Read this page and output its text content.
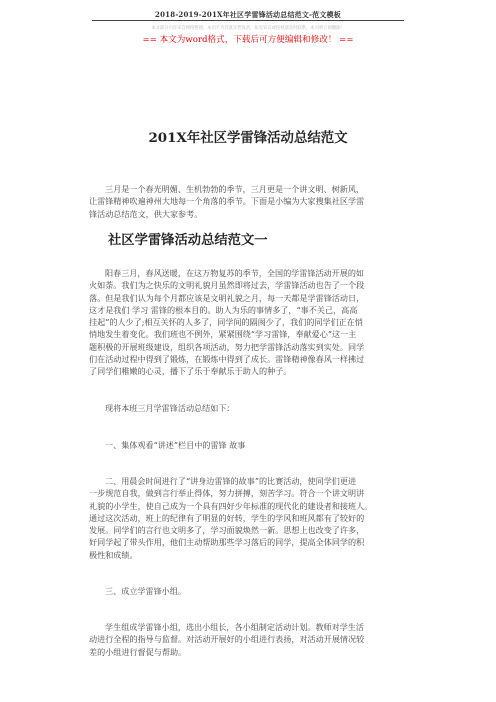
2018-2019-201X年社区学雷锋活动总结范文-范文模板
本文部分内容来自网络整理，本司不为其真实性负责，如有异议或侵权请及时联系，本司将立即删除！
== 本文为word格式，下载后可方便编辑和修改！ ==
201X年社区学雷锋活动总结范文
三月是一个春光明媚、生机勃勃的季节，三月更是一个讲文明、树新风，
让雷锋精神吹遍神州大地每一个角落的季节。下面是小编为大家搜集社区学雷
锋活动总结范文，供大家参考。
社区学雷锋活动总结范文一
阳春三月，春风送暖，在这万物复苏的季节，全国的学雷锋活动开展的如
火如荼。我们为之快乐的文明礼貌月虽然即将过去，学雷锋活动也告了一个段
落。但是我们认为每个月都应该是文明礼貌之月，每一天都是学雷锋活动日，
这才是我们 学习 雷锋的根本目的。助人为乐的事情多了，“事不关己，高高
挂起”的人少了;相互关怀的人多了，同学间的隔阂少了，我们的同学们正在悄
悄地发生着变化。我们班也不例外，紧紧围绕“学习雷锋，奉献爱心”这一主
题积极的开展班级建设，组织各项活动，努力把学雷锋活动落实到实处。同学
们在活动过程中得到了锻炼，在锻炼中得到了成长。雷锋精神像春风一样拂过
了同学们稚嫩的心灵，播下了乐于奉献乐于助人的种子。
现将本班三月学雷锋活动总结如下：
一、集体观看“讲述”栏目中的雷锋 故事
二、用晨会时间进行了“讲身边雷锋的故事”的比赛活动，使同学们更进
一步规范自我，做到言行举止得体，努力拼搏，刻苦学习。符合一个讲文明讲
礼貌的小学生，使自己成为一个具有四好少年标准的现代化的建设者和接班人。
通过这次活动，班上的纪律有了明显的好转，学生的学风和班风都有了较好的
发展。同学们的言行也文明多了，学习面貌焕然一新。思想上也改变了许多，
好同学起了带头作用，他们主动帮助那些学习落后的同学，提高全体同学的积
极性和成绩。
三、成立学雷锋小组。
学生组成学雷锋小组，选出小组长，各小组制定活动计划。教师对学生活
动进行全程的指导与监督。对活动开展好的小组进行表扬，对活动开展情况较
差的小组进行督促与帮助。
